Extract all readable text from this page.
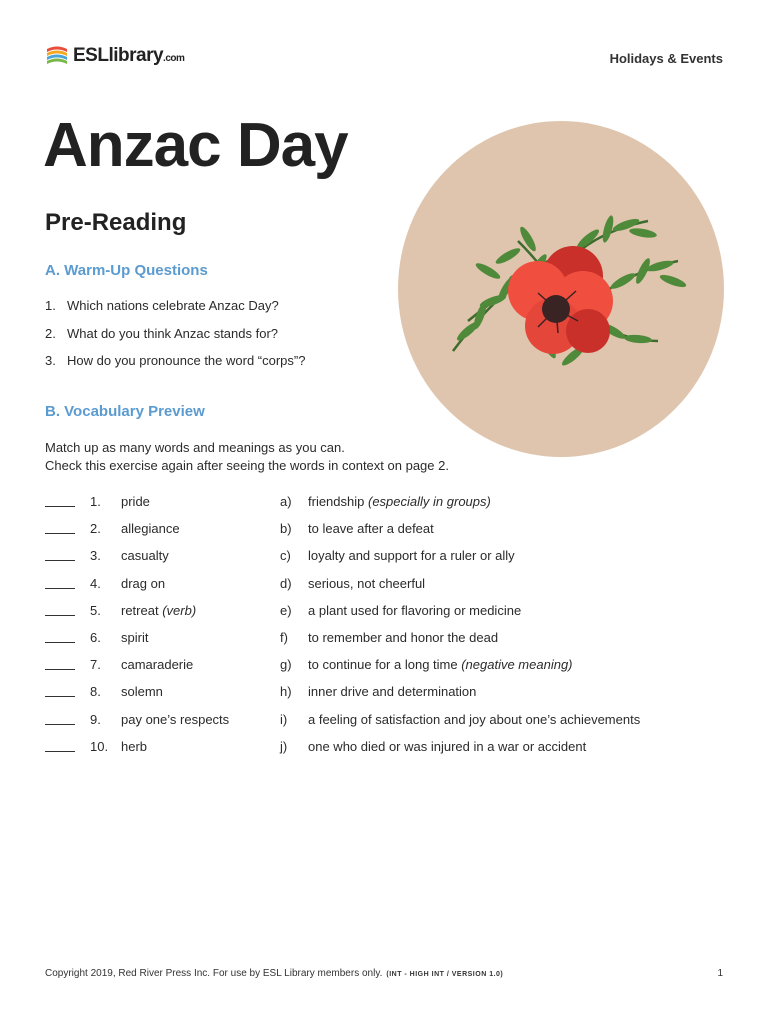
ESLlibrary.com	Holidays & Events
Anzac Day
Pre-Reading
A. Warm-Up Questions
1. Which nations celebrate Anzac Day?
2. What do you think Anzac stands for?
3. How do you pronounce the word “corps”?
B. Vocabulary Preview
Match up as many words and meanings as you can.
Check this exercise again after seeing the words in context on page 2.
1. pride	a) friendship (especially in groups)
2. allegiance	b) to leave after a defeat
3. casualty	c) loyalty and support for a ruler or ally
4. drag on	d) serious, not cheerful
5. retreat (verb)	e) a plant used for flavoring or medicine
6. spirit	f) to remember and honor the dead
7. camaraderie	g) to continue for a long time (negative meaning)
8. solemn	h) inner drive and determination
9. pay one’s respects	i) a feeling of satisfaction and joy about one’s achievements
10. herb	j) one who died or was injured in a war or accident
Copyright 2019, Red River Press Inc. For use by ESL Library members only. (INT - HIGH INT / VERSION 1.0)	1
